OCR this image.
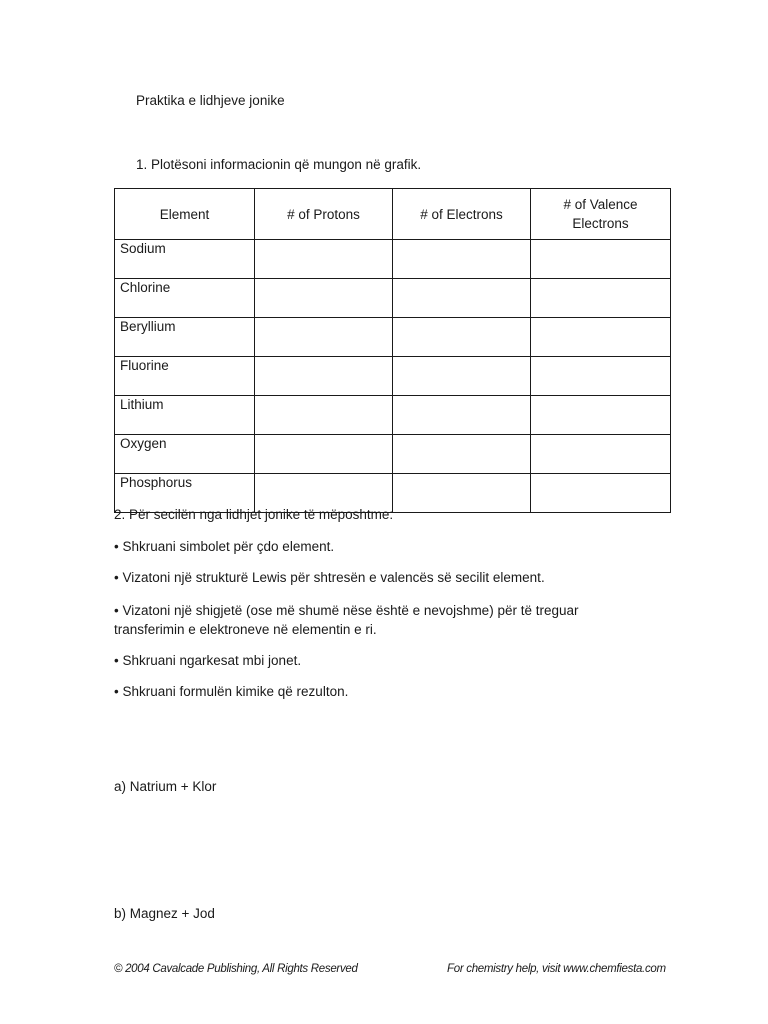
Praktika e lidhjeve jonike
1. Plotësoni informacionin që mungon në grafik.
Element	# of Protons	# of Electrons	# of Valence Electrons

Sodium			
Chlorine			
Beryllium			
Fluorine			
Lithium			
Oxygen			
Phosphorus			
2. Për secilën nga lidhjet jonike të mëposhtme:
• Shkruani simbolet për çdo element.
• Vizatoni një strukturë Lewis për shtresën e valencës së secilit element.
• Vizatoni një shigjetë (ose më shumë nëse është e nevojshme) për të treguar transferimin e elektroneve në elementin e ri.
• Shkruani ngarkesat mbi jonet.
• Shkruani formulën kimike që rezulton.
a) Natrium + Klor
b) Magnez + Jod
© 2004 Cavalcade Publishing, All Rights Reserved	For chemistry help, visit www.chemfiesta.com
